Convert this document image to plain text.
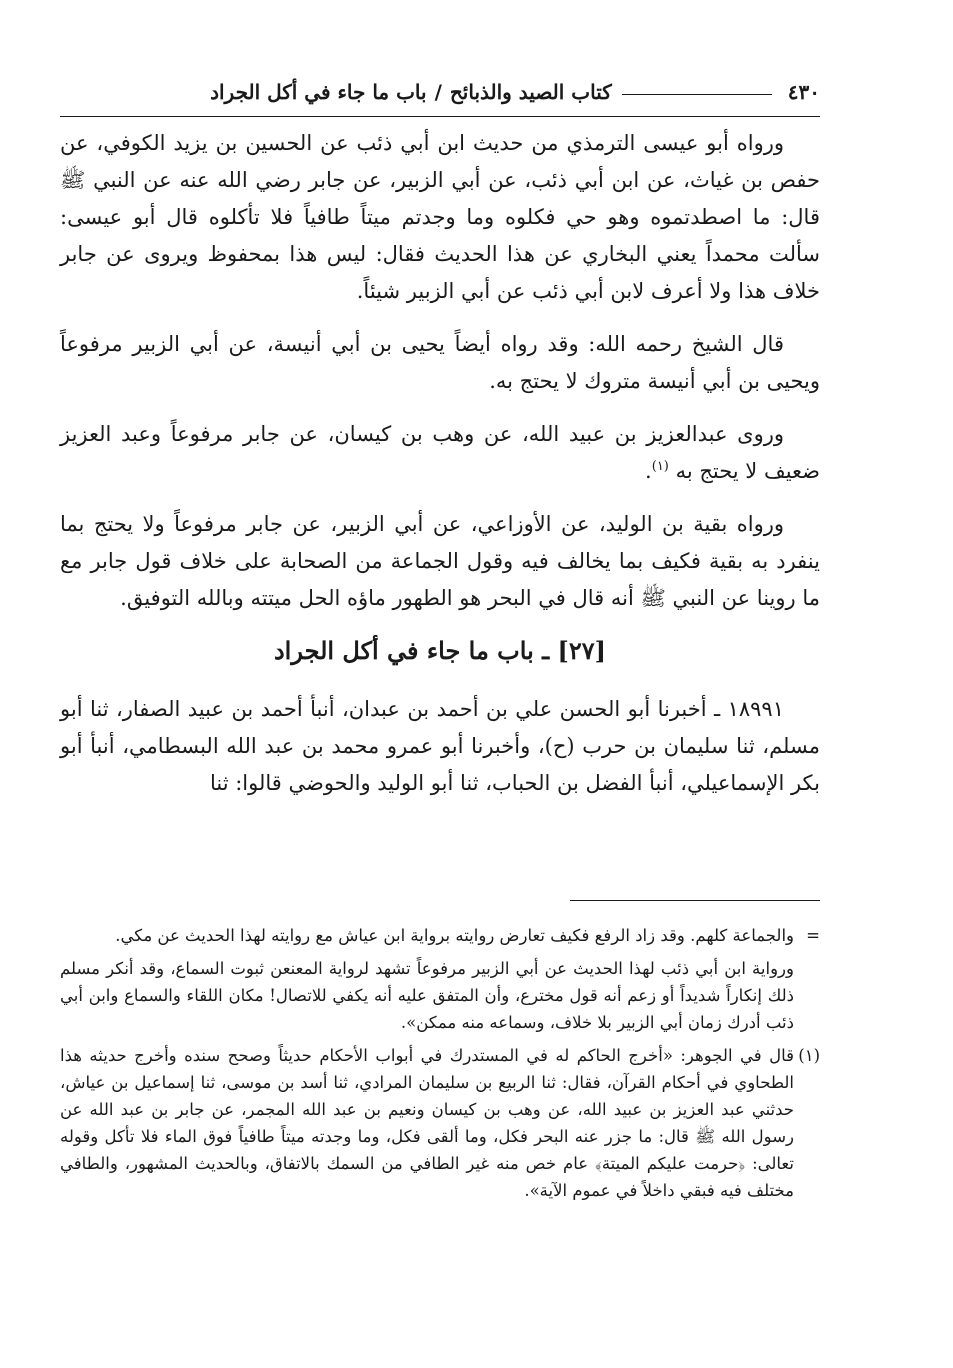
٤٣٠
كتاب الصيد والذبائح
/
باب ما جاء في أكل الجراد

ورواه أبو عيسى الترمذي من حديث ابن أبي ذئب عن الحسين بن يزيد الكوفي، عن حفص بن غياث، عن ابن أبي ذئب، عن أبي الزبير، عن جابر رضي الله عنه عن النبي ﷺ قال: ما اصطدتموه وهو حي فكلوه وما وجدتم ميتاً طافياً فلا تأكلوه قال أبو عيسى: سألت محمداً يعني البخاري عن هذا الحديث فقال: ليس هذا بمحفوظ ويروى عن جابر خلاف هذا ولا أعرف لابن أبي ذئب عن أبي الزبير شيئاً.

قال الشيخ رحمه الله: وقد رواه أيضاً يحيى بن أبي أنيسة، عن أبي الزبير مرفوعاً ويحيى بن أبي أنيسة متروك لا يحتج به.

وروى عبدالعزيز بن عبيد الله، عن وهب بن كيسان، عن جابر مرفوعاً وعبد العزيز ضعيف لا يحتج به $^{(١)}$.

ورواه بقية بن الوليد، عن الأوزاعي، عن أبي الزبير، عن جابر مرفوعاً ولا يحتج بما ينفرد به بقية فكيف بما يخالف فيه وقول الجماعة من الصحابة على خلاف قول جابر مع ما روينا عن النبي ﷺ أنه قال في البحر هو الطهور ماؤه الحل ميتته وبالله التوفيق.

[٢٧] ـ باب ما جاء في أكل الجراد

١٨٩٩١ ـ أخبرنا أبو الحسن علي بن أحمد بن عبدان، أنبأ أحمد بن عبيد الصفار، ثنا أبو مسلم، ثنا سليمان بن حرب (ح)، وأخبرنا أبو عمرو محمد بن عبد الله البسطامي، أنبأ أبو بكر الإسماعيلي، أنبأ الفضل بن الحباب، ثنا أبو الوليد والحوضي قالوا: ثنا

=
والجماعة كلهم. وقد زاد الرفع فكيف تعارض روايته برواية ابن عياش مع روايته لهذا الحديث عن مكي.

ورواية ابن أبي ذئب لهذا الحديث عن أبي الزبير مرفوعاً تشهد لرواية المعنعن ثبوت السماع، وقد أنكر مسلم ذلك إنكاراً شديداً أو زعم أنه قول مخترع، وأن المتفق عليه أنه يكفي للاتصال! مكان اللقاء والسماع وابن أبي ذئب أدرك زمان أبي الزبير بلا خلاف، وسماعه منه ممكن».

(١)
قال في الجوهر: «أخرج الحاكم له في المستدرك في أبواب الأحكام حديثاً وصحح سنده وأخرج حديثه هذا الطحاوي في أحكام القرآن، فقال: ثنا الربيع بن سليمان المرادي، ثنا أسد بن موسى، ثنا إسماعيل بن عياش، حدثني عبد العزيز بن عبيد الله، عن وهب بن كيسان ونعيم بن عبد الله المجمر، عن جابر بن عبد الله عن رسول الله ﷺ قال: ما جزر عنه البحر فكل، وما ألقى فكل، وما وجدته ميتاً طافياً فوق الماء فلا تأكل وقوله تعالى: ﴿حرمت عليكم الميتة﴾ عام خص منه غير الطافي من السمك بالاتفاق، وبالحديث المشهور، والطافي مختلف فيه فبقي داخلاً في عموم الآية».
